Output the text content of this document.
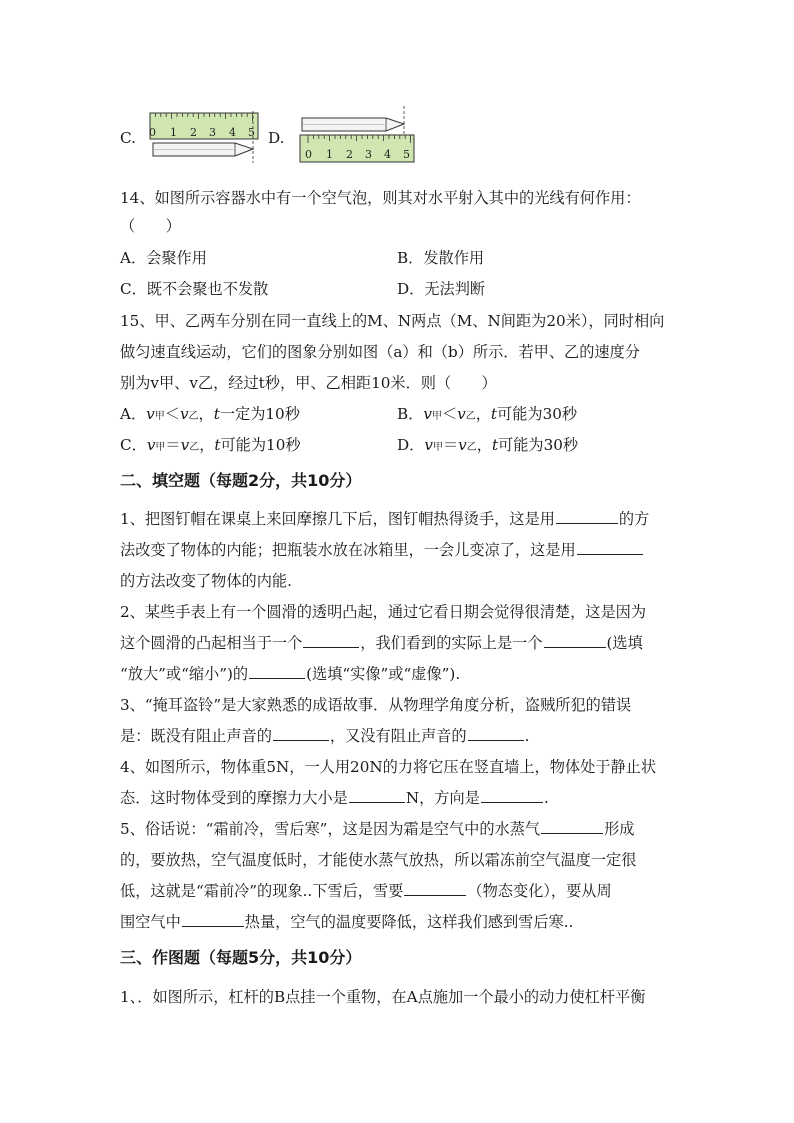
C. 0 1 2 3 4 5 D.
0 1 2 3 4 5
14、如图所示容器水中有一个空气泡，则其对水平射入其中的光线有何作用：
（　　）
A．会聚作用	B．发散作用
C．既不会聚也不发散	D．无法判断
15、甲、乙两车分别在同一直线上的M、N两点（M、N间距为20米），同时相向
做匀速直线运动，它们的图象分别如图（a）和（b）所示．若甲、乙的速度分
别为v甲、v乙，经过t秒，甲、乙相距10米．则（　　）
A．v甲＜v乙，t一定为10秒	B．v甲＜v乙，t可能为30秒
C．v甲＝v乙，t可能为10秒	D．v甲＝v乙，t可能为30秒
二、填空题（每题2分，共10分）
1、把图钉帽在课桌上来回摩擦几下后，图钉帽热得烫手，这是用	的方
法改变了物体的内能；把瓶装水放在冰箱里，一会儿变凉了，这是用
的方法改变了物体的内能.
2、某些手表上有一个圆滑的透明凸起，通过它看日期会觉得很清楚，这是因为
这个圆滑的凸起相当于一个	，我们看到的实际上是一个	(选填
“放大”或“缩小”)的	(选填“实像”或“虚像”).
3、“掩耳盗铃”是大家熟悉的成语故事．从物理学角度分析，盗贼所犯的错误
是：既没有阻止声音的	，又没有阻止声音的	.
4、如图所示，物体重5N，一人用20N的力将它压在竖直墙上，物体处于静止状
态．这时物体受到的摩擦力大小是	N，方向是	.
5、俗话说：“霜前冷，雪后寒”，这是因为霜是空气中的水蒸气	形成
的，要放热，空气温度低时，才能使水蒸气放热，所以霜冻前空气温度一定很
低，这就是“霜前冷”的现象..下雪后，雪要	（物态变化），要从周
围空气中	热量，空气的温度要降低，这样我们感到雪后寒..
三、作图题（每题5分，共10分）
1、．如图所示，杠杆的B点挂一个重物，在A点施加一个最小的动力使杠杆平衡
